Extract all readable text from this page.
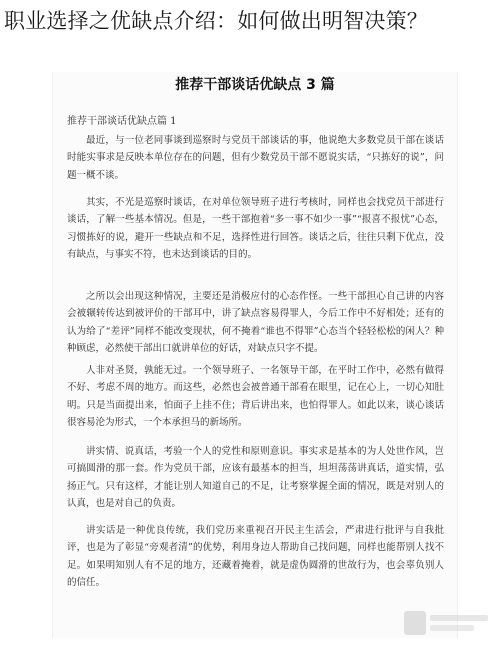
职业选择之优缺点介绍：如何做出明智决策？
推荐干部谈话优缺点 3 篇
推荐干部谈话优缺点篇 1

最近，与一位老同事谈到巡察时与党员干部谈话的事，他说绝大多数党员干部在谈话时能实事求是反映本单位存在的问题，但有少数党员干部不愿说实话，“只拣好的说”，问题一概不谈。

其实，不光是巡察时谈话，在对单位领导班子进行考核时，同样也会找党员干部进行谈话，了解一些基本情况。但是，一些干部抱着“多一事不如少一事”“报喜不报忧”心态，习惯拣好的说，避开一些缺点和不足，选择性进行回答。谈话之后，往往只剩下优点，没有缺点，与事实不符，也未达到谈话的目的。

之所以会出现这种情况，主要还是消极应付的心态作怪。一些干部担心自己讲的内容会被辗转传达到被评价的干部耳中，讲了缺点容易得罪人，今后工作中不好相处；还有的认为给了“差评”同样不能改变现状，何不掩着“谁也不得罪”心态当个轻轻松松的闲人？种种顾虑，必然使干部出口就讲单位的好话，对缺点只字不提。

人非对圣贤，孰能无过。一个领导班子、一名领导干部，在平时工作中，必然有做得不好、考虑不周的地方。而这些，必然也会被普通干部看在眼里，记在心上，一切心知肚明。只是当面提出来，怕面子上挂不住；背后讲出来，也怕得罪人。如此以来，谈心谈话很容易沦为形式，一个本承担马的新场所。

讲实情、说真话，考验一个人的党性和原则意识。事实求是基本的为人处世作风，岂可搞圆滑的那一套。作为党员干部，应该有最基本的担当，坦坦荡荡讲真话，道实情，弘扬正气。只有这样，才能让别人知道自己的不足，让考察掌握全面的情况，既是对别人的认真，也是对自己的负责。

讲实话是一种优良传统，我们党历来重视召开民主生活会，严肃进行批评与自我批评，也是为了彰显“旁观者清”的优势，利用身边人帮助自己找问题，同样也能帮别人找不足。如果明知别人有不足的地方，还藏着掩着，就是虚伪圆滑的世故行为，也会辜负别人的信任。
